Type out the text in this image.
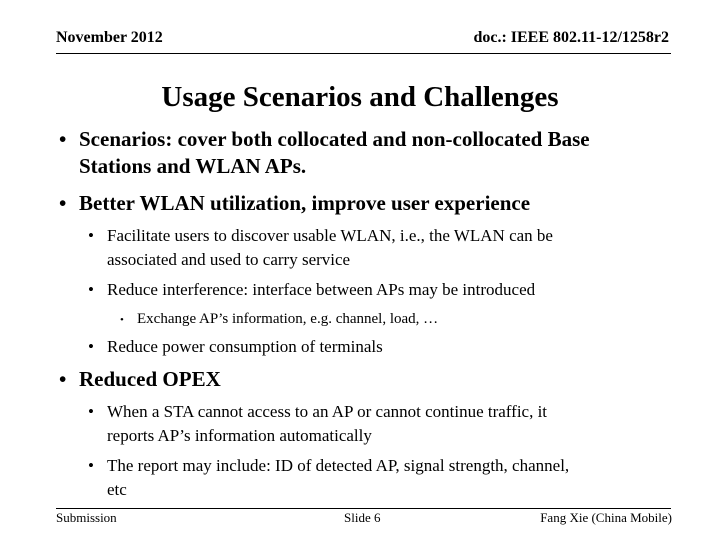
November 2012	doc.: IEEE 802.11-12/1258r2
Usage Scenarios and Challenges
• Scenarios: cover both collocated and non-collocated Base
Stations and WLAN APs.
• Better WLAN utilization, improve user experience
• Facilitate users to discover usable WLAN, i.e., the WLAN can be
associated and used to carry service
• Reduce interference: interface between APs may be introduced
• Exchange AP’s information, e.g. channel, load, …
• Reduce power consumption of terminals
• Reduced OPEX
• When a STA cannot access to an AP or cannot continue traffic, it
reports AP’s information automatically
• The report may include: ID of detected AP, signal strength, channel,
etc
Submission	Slide 6	Fang Xie (China Mobile)
